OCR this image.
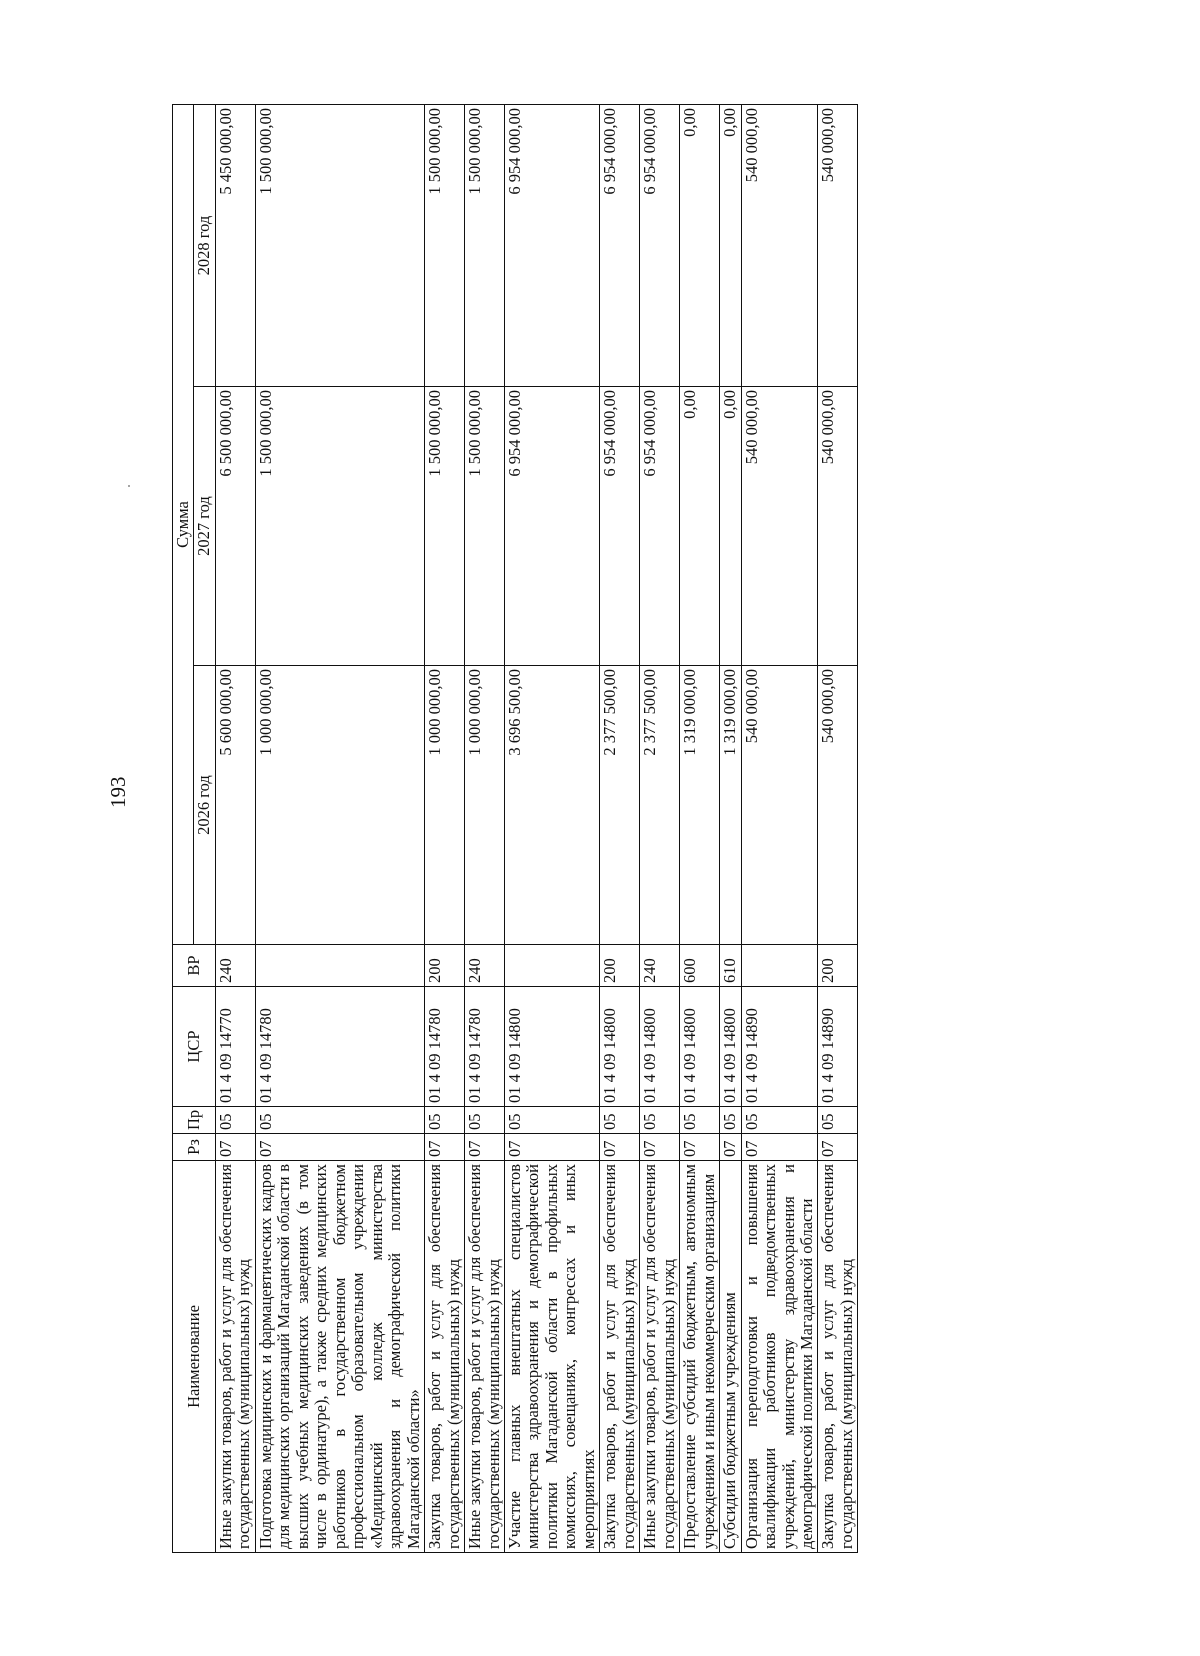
193
Наименование	Рз	Пр	ЦСР	ВР	Сумма		
					2026 год	2027 год	2028 год
Иные закупки товаров, работ и услуг для обеспечения государственных (муниципальных) нужд	07	05	01 4 09 14770	240	5 600 000,00	6 500 000,00	5 450 000,00
Подготовка медицинских и фармацевтических кадров для медицинских организаций Магаданской области в высших учебных медицинских заведениях (в том числе в ординатуре), а также средних медицинских работников в государственном бюджетном профессиональном образовательном учреждении «Медицинский колледж министерства здравоохранения и демографической политики Магаданской области»	07	05	01 4 09 14780		1 000 000,00	1 500 000,00	1 500 000,00
Закупка товаров, работ и услуг для обеспечения государственных (муниципальных) нужд	07	05	01 4 09 14780	200	1 000 000,00	1 500 000,00	1 500 000,00
Иные закупки товаров, работ и услуг для обеспечения государственных (муниципальных) нужд	07	05	01 4 09 14780	240	1 000 000,00	1 500 000,00	1 500 000,00
Участие главных внештатных специалистов министерства здравоохранения и демографической политики Магаданской области в профильных комиссиях, совещаниях, конгрессах и иных мероприятиях	07	05	01 4 09 14800		3 696 500,00	6 954 000,00	6 954 000,00
Закупка товаров, работ и услуг для обеспечения государственных (муниципальных) нужд	07	05	01 4 09 14800	200	2 377 500,00	6 954 000,00	6 954 000,00
Иные закупки товаров, работ и услуг для обеспечения государственных (муниципальных) нужд	07	05	01 4 09 14800	240	2 377 500,00	6 954 000,00	6 954 000,00
Предоставление субсидий бюджетным, автономным учреждениям и иным некоммерческим организациям	07	05	01 4 09 14800	600	1 319 000,00	0,00	0,00
Субсидии бюджетным учреждениям	07	05	01 4 09 14800	610	1 319 000,00	0,00	0,00
Организация переподготовки и повышения квалификации работников подведомственных учреждений, министерству здравоохранения и демографической политики Магаданской области	07	05	01 4 09 14890		540 000,00	540 000,00	540 000,00
Закупка товаров, работ и услуг для обеспечения государственных (муниципальных) нужд	07	05	01 4 09 14890	200	540 000,00	540 000,00	540 000,00
